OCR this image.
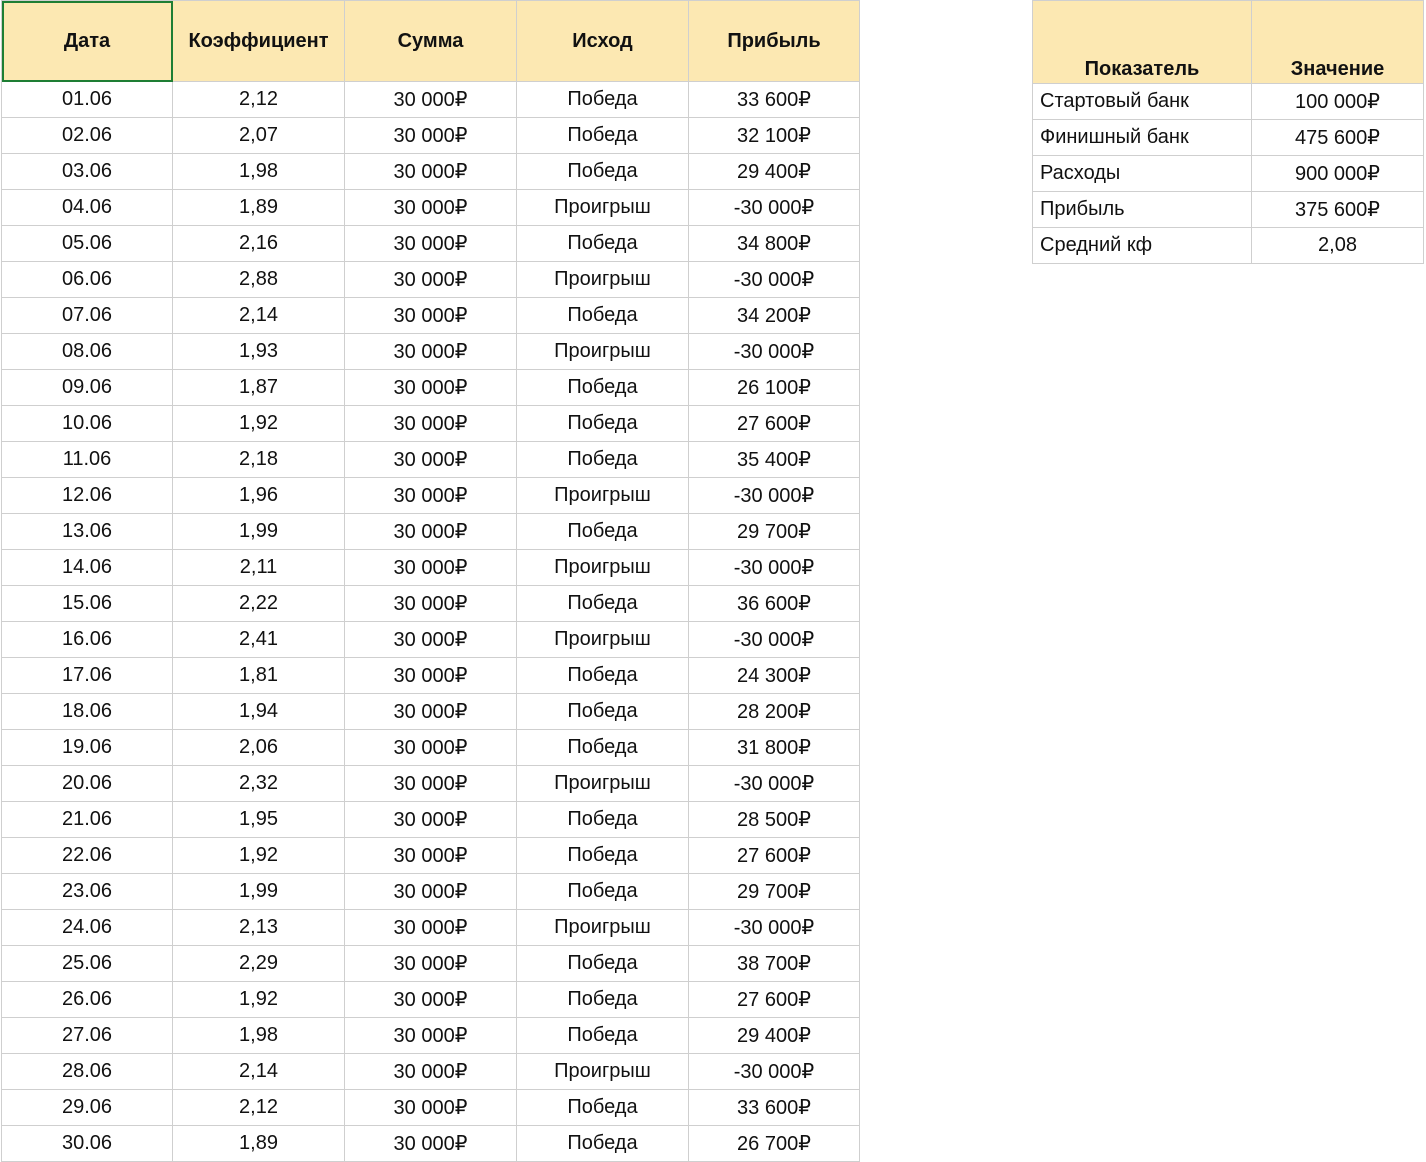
Дата	Коэффициент	Сумма	Исход	Прибыль
01.06	2,12	30 000₽	Победа	33 600₽
02.06	2,07	30 000₽	Победа	32 100₽
03.06	1,98	30 000₽	Победа	29 400₽
04.06	1,89	30 000₽	Проигрыш	-30 000₽
05.06	2,16	30 000₽	Победа	34 800₽
06.06	2,88	30 000₽	Проигрыш	-30 000₽
07.06	2,14	30 000₽	Победа	34 200₽
08.06	1,93	30 000₽	Проигрыш	-30 000₽
09.06	1,87	30 000₽	Победа	26 100₽
10.06	1,92	30 000₽	Победа	27 600₽
11.06	2,18	30 000₽	Победа	35 400₽
12.06	1,96	30 000₽	Проигрыш	-30 000₽
13.06	1,99	30 000₽	Победа	29 700₽
14.06	2,11	30 000₽	Проигрыш	-30 000₽
15.06	2,22	30 000₽	Победа	36 600₽
16.06	2,41	30 000₽	Проигрыш	-30 000₽
17.06	1,81	30 000₽	Победа	24 300₽
18.06	1,94	30 000₽	Победа	28 200₽
19.06	2,06	30 000₽	Победа	31 800₽
20.06	2,32	30 000₽	Проигрыш	-30 000₽
21.06	1,95	30 000₽	Победа	28 500₽
22.06	1,92	30 000₽	Победа	27 600₽
23.06	1,99	30 000₽	Победа	29 700₽
24.06	2,13	30 000₽	Проигрыш	-30 000₽
25.06	2,29	30 000₽	Победа	38 700₽
26.06	1,92	30 000₽	Победа	27 600₽
27.06	1,98	30 000₽	Победа	29 400₽
28.06	2,14	30 000₽	Проигрыш	-30 000₽
29.06	2,12	30 000₽	Победа	33 600₽
30.06	1,89	30 000₽	Победа	26 700₽
Показатель	Значение
Стартовый банк	100 000₽
Финишный банк	475 600₽
Расходы	900 000₽
Прибыль	375 600₽
Средний кф	2,08
